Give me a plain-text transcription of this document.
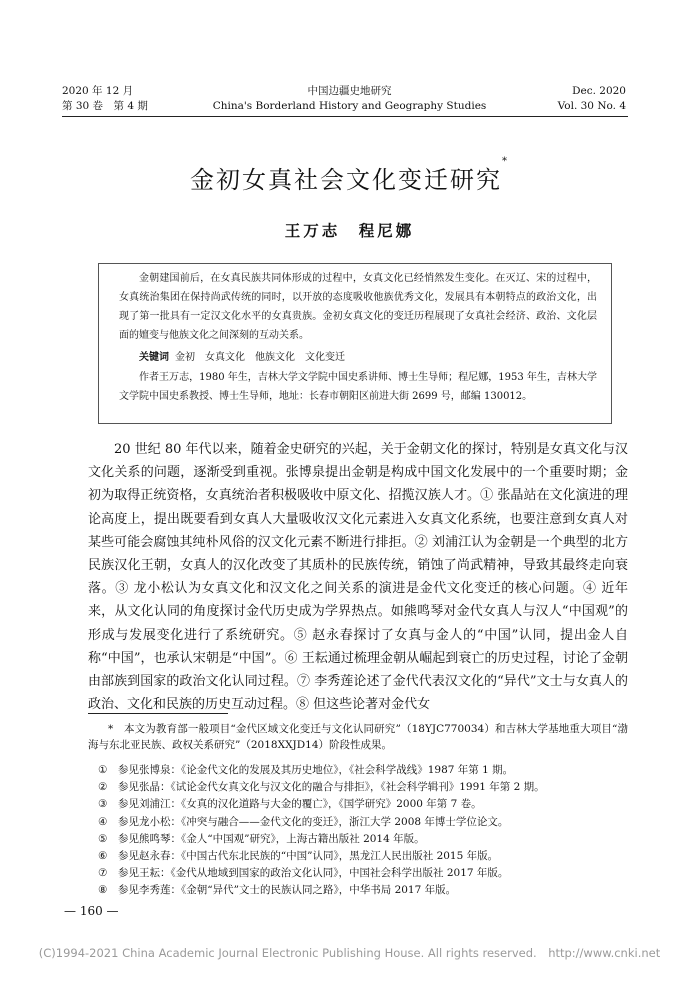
2020 年 12 月
第 30 卷　第 4 期
中国边疆史地研究
China's Borderland History and Geography Studies
Dec. 2020
Vol. 30 No. 4
金初女真社会文化变迁研究*
王万志　程尼娜
金朝建国前后，在女真民族共同体形成的过程中，女真文化已经悄然发生变化。在灭辽、宋的过程中，女真统治集团在保持尚武传统的同时，以开放的态度吸收他族优秀文化，发展具有本朝特点的政治文化，出现了第一批具有一定汉文化水平的女真贵族。金初女真文化的变迁历程展现了女真社会经济、政治、文化层面的嬗变与他族文化之间深刻的互动关系。
关键词 金初　女真文化　他族文化　文化变迁
作者王万志，1980 年生，吉林大学文学院中国史系讲师、博士生导师；程尼娜，1953 年生，吉林大学文学院中国史系教授、博士生导师，地址：长春市朝阳区前进大街 2699 号，邮编 130012。
20 世纪 80 年代以来，随着金史研究的兴起，关于金朝文化的探讨，特别是女真文化与汉文化关系的问题，逐渐受到重视。张博泉提出金朝是构成中国文化发展中的一个重要时期；金初为取得正统资格，女真统治者积极吸收中原文化、招揽汉族人才。① 张晶站在文化演进的理论高度上，提出既要看到女真人大量吸收汉文化元素进入女真文化系统，也要注意到女真人对某些可能会腐蚀其纯朴风俗的汉文化元素不断进行排拒。② 刘浦江认为金朝是一个典型的北方民族汉化王朝，女真人的汉化改变了其质朴的民族传统，销蚀了尚武精神，导致其最终走向衰落。③ 龙小松认为女真文化和汉文化之间关系的演进是金代文化变迁的核心问题。④ 近年来，从文化认同的角度探讨金代历史成为学界热点。如熊鸣琴对金代女真人与汉人“中国观”的形成与发展变化进行了系统研究。⑤ 赵永春探讨了女真与金人的“中国”认同，提出金人自称“中国”，也承认宋朝是“中国”。⑥ 王耘通过梳理金朝从崛起到衰亡的历史过程，讨论了金朝由部族到国家的政治文化认同过程。⑦ 李秀莲论述了金代代表汉文化的“异代”文士与女真人的政治、文化和民族的历史互动过程。⑧ 但这些论著对金代女
*　本文为教育部一般项目“金代区域文化变迁与文化认同研究”（18YJC770034）和吉林大学基地重大项目“渤海与东北亚民族、政权关系研究”（2018XXJD14）阶段性成果。
① 参见张博泉：《论金代文化的发展及其历史地位》，《社会科学战线》1987 年第 1 期。
② 参见张晶：《试论金代女真文化与汉文化的融合与排拒》，《社会科学辑刊》1991 年第 2 期。
③ 参见刘浦江：《女真的汉化道路与大金的覆亡》，《国学研究》2000 年第 7 卷。
④ 参见龙小松：《冲突与融合——金代文化的变迁》，浙江大学 2008 年博士学位论文。
⑤ 参见熊鸣琴：《金人“中国观”研究》，上海古籍出版社 2014 年版。
⑥ 参见赵永春：《中国古代东北民族的“中国”认同》，黑龙江人民出版社 2015 年版。
⑦ 参见王耘：《金代从地域到国家的政治文化认同》，中国社会科学出版社 2017 年版。
⑧ 参见李秀莲：《金朝“异代”文士的民族认同之路》，中华书局 2017 年版。
— 160 —
(C)1994-2021 China Academic Journal Electronic Publishing House. All rights reserved.　http://www.cnki.net
